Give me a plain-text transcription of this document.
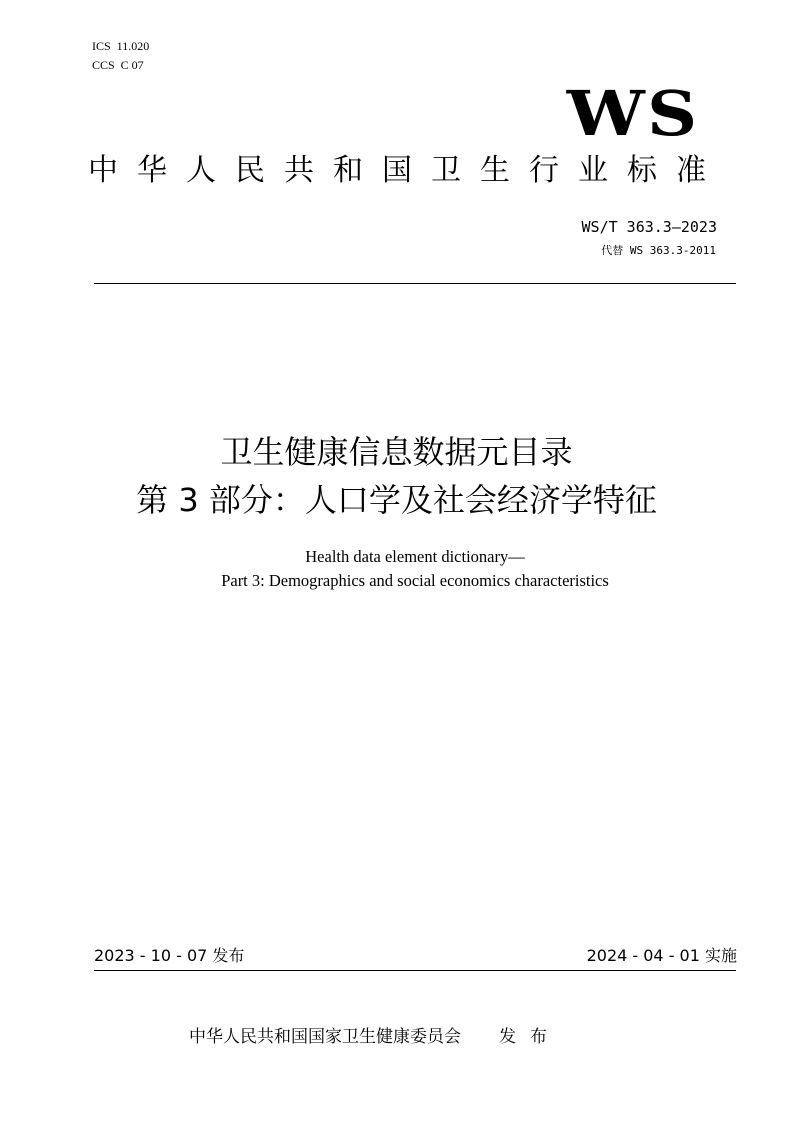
ICS  11.020
CCS  C 07
WS
中华人民共和国卫生行业标准
WS/T 363.3—2023
代替 WS 363.3-2011
卫生健康信息数据元目录
第 3 部分：人口学及社会经济学特征
Health data element dictionary—
Part 3: Demographics and social economics characteristics
2023 - 10 - 07 发布	2024 - 04 - 01 实施
中华人民共和国国家卫生健康委员会 发布
